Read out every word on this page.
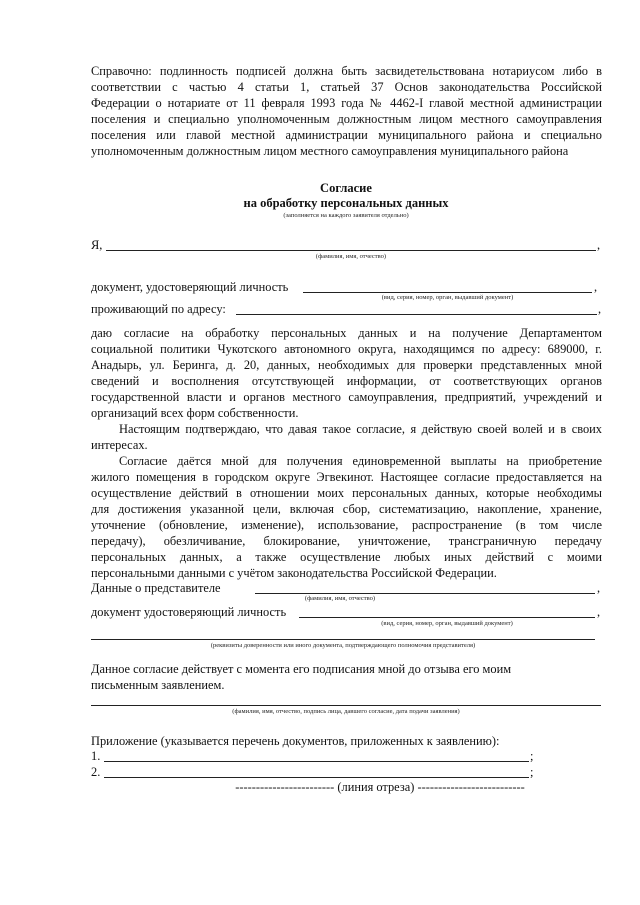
Справочно: подлинность подписей должна быть засвидетельствована нотариусом либо в
соответствии с частью 4 статьи 1, статьей 37 Основ законодательства Российской
Федерации о нотариате от 11 февраля 1993 года № 4462-I главой местной администрации
поселения и специально уполномоченным должностным лицом местного самоуправления
поселения или главой местной администрации муниципального района и специально
уполномоченным должностным лицом местного самоуправления муниципального района
Согласие
на обработку персональных данных
(заполняется на каждого заявителя отдельно)
Я,	,
(фамилия, имя, отчество)
документ, удостоверяющий личность	,
(вид, серия, номер, орган, выдавший документ)
проживающий по адресу:	,
даю согласие на обработку персональных данных и на получение Департаментом
социальной политики Чукотского автономного округа, находящимся по адресу: 689000, г.
Анадырь, ул. Беринга, д. 20, данных, необходимых для проверки представленных мной
сведений и восполнения отсутствующей информации, от соответствующих органов
государственной власти и органов местного самоуправления, предприятий, учреждений и
организаций всех форм собственности.
Настоящим подтверждаю, что давая такое согласие, я действую своей волей и в своих
интересах.
Согласие даётся мной для получения единовременной выплаты на приобретение
жилого помещения в городском округе Эгвекинот. Настоящее согласие предоставляется на
осуществление действий в отношении моих персональных данных, которые необходимы
для достижения указанной цели, включая сбор, систематизацию, накопление, хранение,
уточнение (обновление, изменение), использование, распространение (в том числе
передачу), обезличивание, блокирование, уничтожение, трансграничную передачу
персональных данных, а также осуществление любых иных действий с моими
персональными данными с учётом законодательства Российской Федерации.
Данные о представителе	,
(фамилия, имя, отчество)
документ удостоверяющий личность	,
(вид, серия, номер, орган, выдавший документ)
(реквизиты доверенности или иного документа, подтверждающего полномочия представителя)
Данное согласие действует с момента его подписания мной до отзыва его моим
письменным заявлением.
(фамилия, имя, отчество, подпись лица, давшего согласие, дата подачи заявления)
Приложение (указывается перечень документов, приложенных к заявлению):
1.	;
2.	;
------------------------ (линия отреза) --------------------------
